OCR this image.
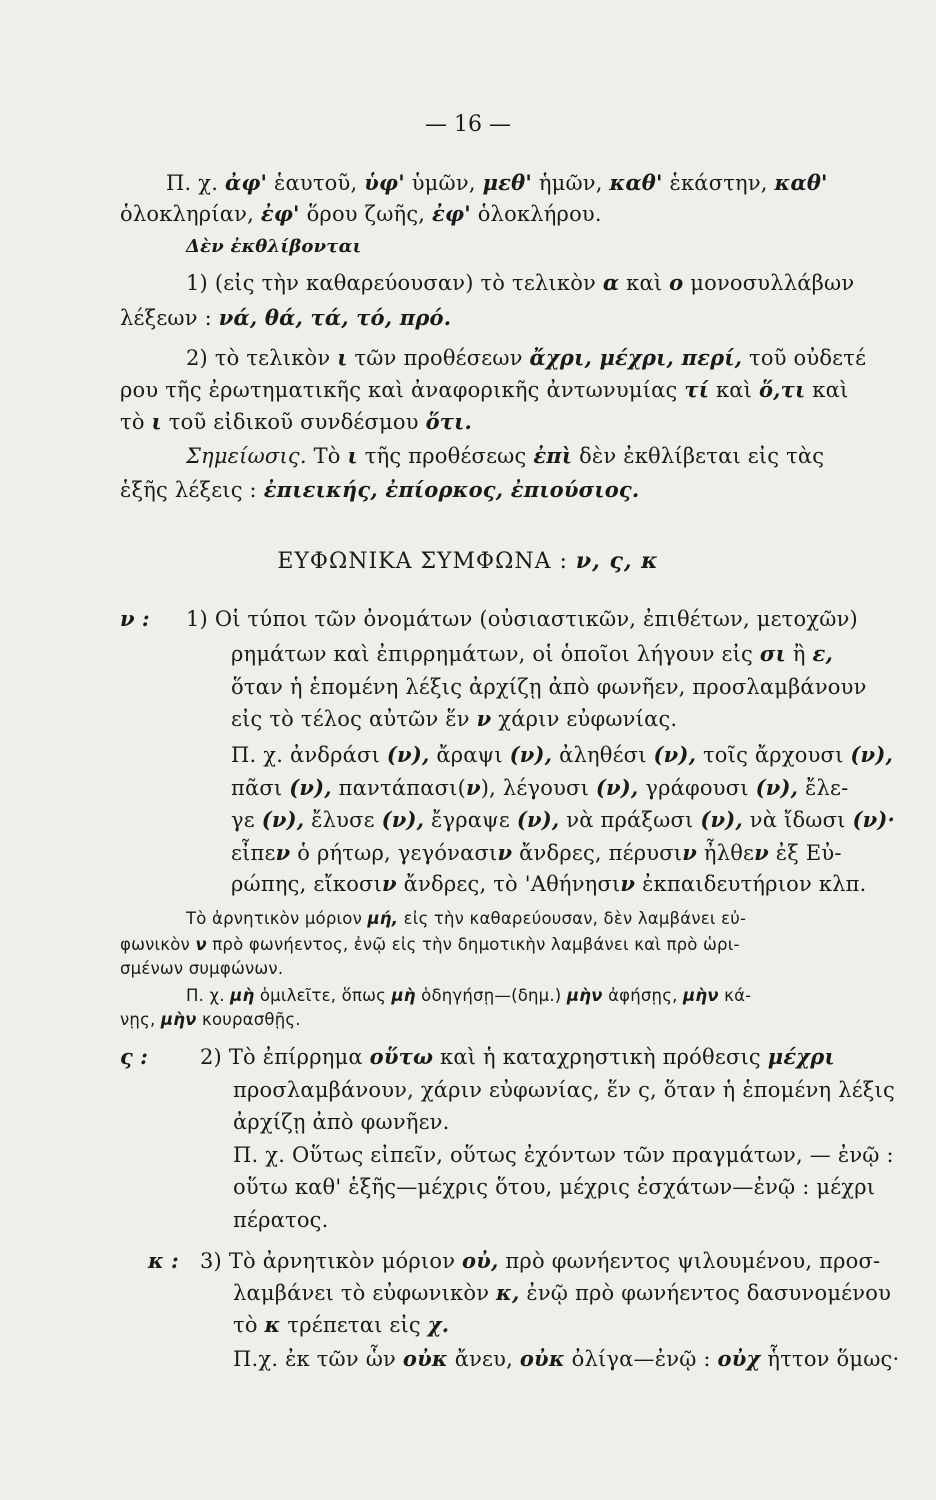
— 16 —
Π. χ. ἀφ' ἑαυτοῦ, ὑφ' ὑμῶν, μεθ' ἡμῶν, καθ' ἑκάστην, καθ'
ὁλοκληρίαν, ἐφ' ὅρου ζωῆς, ἐφ' ὁλοκλήρου.
Δὲν ἐκθλίβονται
1) (εἰς τὴν καθαρεύουσαν) τὸ τελικὸν α καὶ ο μονοσυλλάβων
λέξεων : νά, θά, τά, τό, πρό.
2) τὸ τελικὸν ι τῶν προθέσεων ἄχρι, μέχρι, περί, τοῦ οὐδετέ
ρου τῆς ἐρωτηματικῆς καὶ ἀναφορικῆς ἀντωνυμίας τί καὶ ὅ,τι καὶ
τὸ ι τοῦ εἰδικοῦ συνδέσμου ὅτι.
Σημείωσις. Τὸ ι τῆς προθέσεως ἐπὶ δὲν ἐκθλίβεται εἰς τὰς
ἑξῆς λέξεις : ἐπιεικής, ἐπίορκος, ἐπιούσιος.
ΕΥΦΩΝΙΚΑ ΣΥΜΦΩΝΑ : ν, ς, κ
ν : 1) Οἱ τύποι τῶν ὀνομάτων (οὐσιαστικῶν, ἐπιθέτων, μετοχῶν)
ρημάτων καὶ ἐπιρρημάτων, οἱ ὁποῖοι λήγουν εἰς σι ἢ ε,
ὅταν ἡ ἑπομένη λέξις ἀρχίζῃ ἀπὸ φωνῆεν, προσλαμβάνουν
εἰς τὸ τέλος αὐτῶν ἕν ν χάριν εὐφωνίας.
Π. χ. ἀνδράσι (ν), ἄραψι (ν), ἀληθέσι (ν), τοῖς ἄρχουσι (ν),
πᾶσι (ν), παντάπασι(ν), λέγουσι (ν), γράφουσι (ν), ἔλε-
γε (ν), ἔλυσε (ν), ἔγραψε (ν), νὰ πράξωσι (ν), νὰ ἴδωσι (ν)·
εἶπεν ὁ ρήτωρ, γεγόνασιν ἄνδρες, πέρυσιν ἦλθεν ἐξ Εὐ-
ρώπης, εἴκοσιν ἄνδρες, τὸ 'Αθήνησιν ἐκπαιδευτήριον κλπ.
Τὸ ἀρνητικὸν μόριον μή, εἰς τὴν καθαρεύουσαν, δὲν λαμβάνει εὐ-
φωνικὸν ν πρὸ φωνήεντος, ἐνῷ εἰς τὴν δημοτικὴν λαμβάνει καὶ πρὸ ὡρι-
σμένων συμφώνων.
Π. χ. μὴ ὁμιλεῖτε, ὅπως μὴ ὁδηγήσῃ—(δημ.) μὴν ἀφήσῃς, μὴν κά-
νῃς, μὴν κουρασθῇς.
ς : 2) Τὸ ἐπίρρημα οὕτω καὶ ἡ καταχρηστικὴ πρόθεσις μέχρι
προσλαμβάνουν, χάριν εὐφωνίας, ἕν ς, ὅταν ἡ ἑπομένη λέξις
ἀρχίζῃ ἀπὸ φωνῆεν.
Π. χ. Οὕτως εἰπεῖν, οὕτως ἐχόντων τῶν πραγμάτων, — ἐνῷ :
οὕτω καθ' ἑξῆς—μέχρις ὅτου, μέχρις ἐσχάτων—ἐνῷ : μέχρι
πέρατος.
κ : 3) Τὸ ἀρνητικὸν μόριον οὐ, πρὸ φωνήεντος ψιλουμένου, προσ-
λαμβάνει τὸ εὐφωνικὸν κ, ἐνῷ πρὸ φωνήεντος δασυνομένου
τὸ κ τρέπεται εἰς χ.
Π.χ. ἐκ τῶν ὧν οὐκ ἄνευ, οὐκ ὀλίγα—ἐνῷ : οὐχ ἧττον ὅμως·
